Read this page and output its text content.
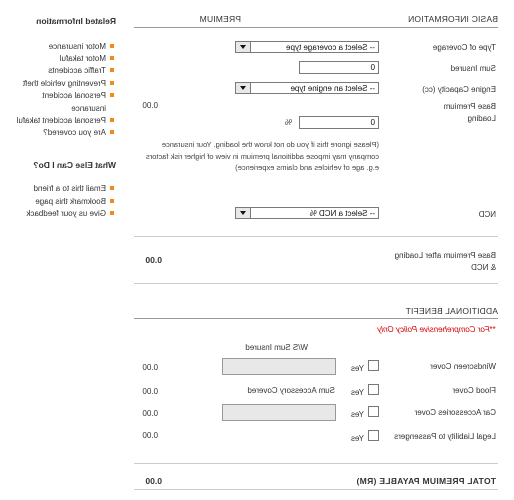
Related Information
Motor insurance
Motor takaful
Traffic accidents
Preventing vehicle theft
Personal accident
insurance
Personal accident takaful
Are you covered?
What Else Can I Do?
Email this to a friend
Bookmark this page
Give us your feedback
BASIC INFORMATION
PREMIUM
Type of Coverage
-- Select a coverage type
Sum Insured
0
Engine Capacity (cc)
-- Select an engine type
Base Premium
Loading
0.00
0
%
(Please ignore this if you do not know the loading. Your insurance company may impose additional premium in view of higher risk factors e.g. age of vehicles and claims experience)
NCD
-- Select a NCD %
Base Premium after Loading
& NCD
0.00
ADDITIONAL BENEFIT
**For Comprehensive Policy Only
W/S Sum Insured
Windscreen Cover
Yes
0.00
Flood Cover
Yes
Sum Accessory Covered
0.00
Car Accessories Cover
Yes
0.00
Legal Liability to Passengers
Yes
0.00
TOTAL PREMIUM PAYABLE (RM)
0.00
